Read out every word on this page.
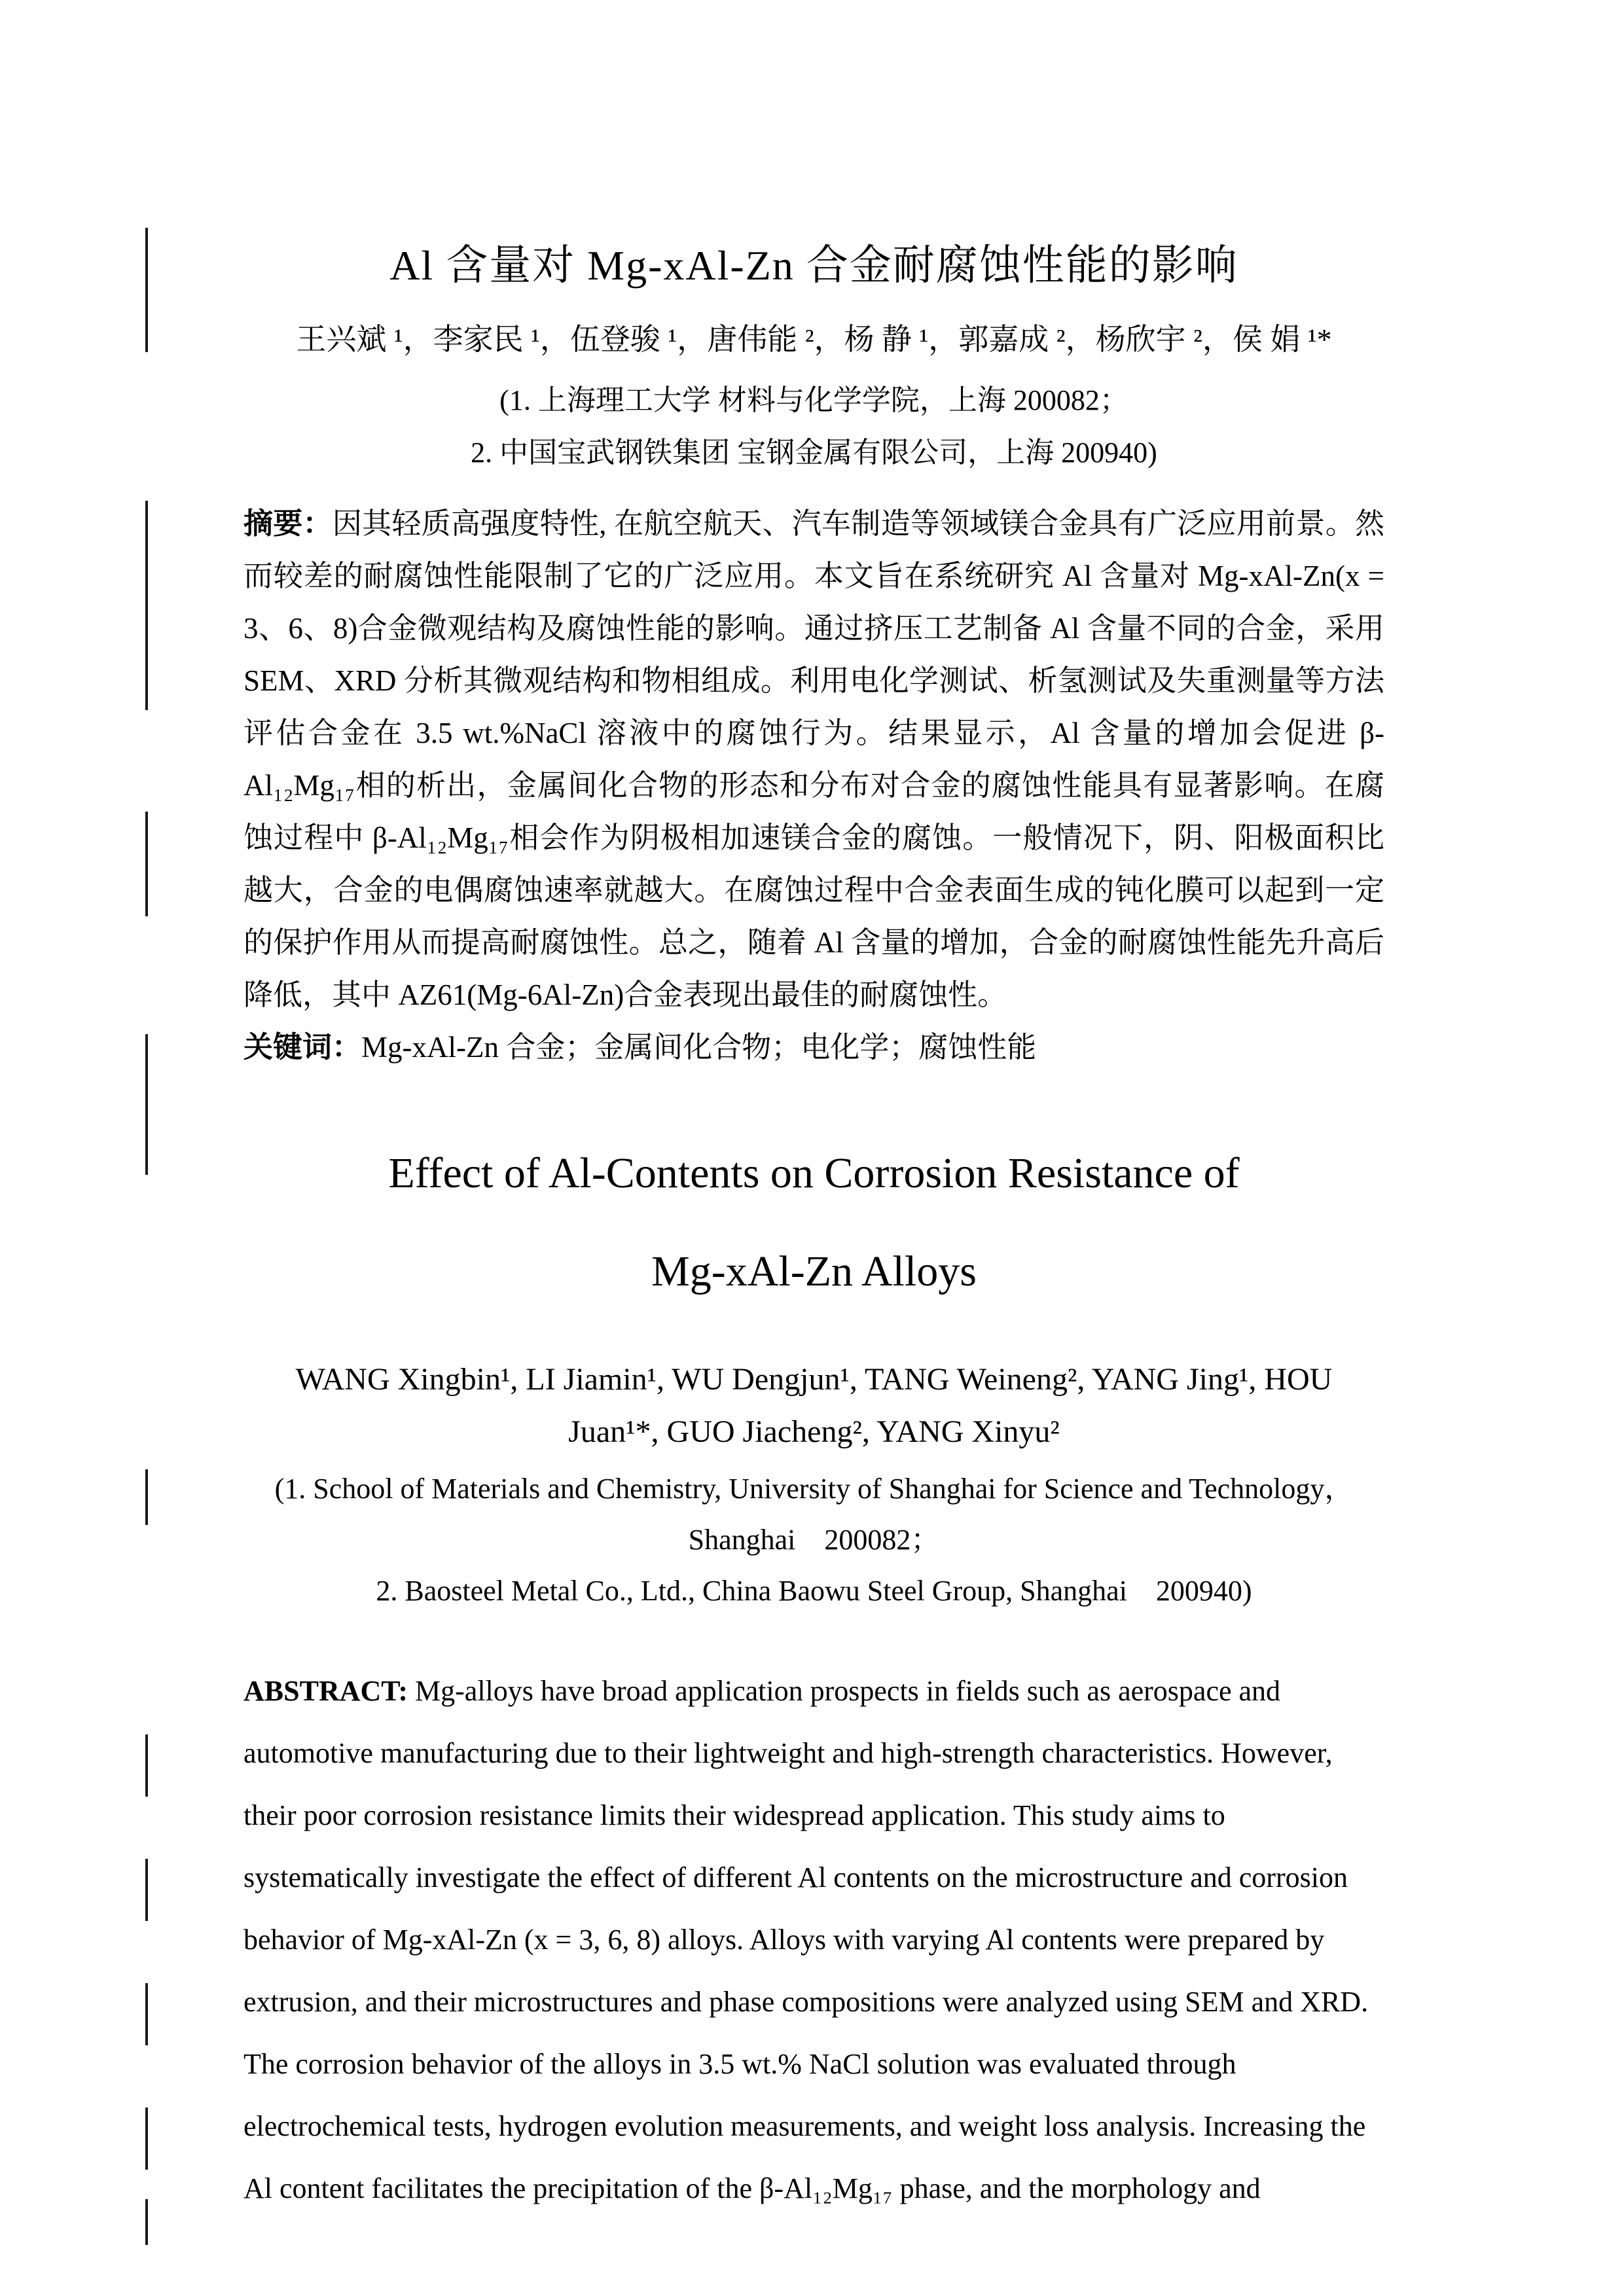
Al 含量对 Mg-xAl-Zn 合金耐腐蚀性能的影响

王兴斌 ¹，李家民 ¹，伍登骏 ¹，唐伟能 ²，杨 静 ¹，郭嘉成 ²，杨欣宇 ²，侯 娟 ¹*

(1. 上海理工大学 材料与化学学院，上海 200082；

2. 中国宝武钢铁集团 宝钢金属有限公司，上海 200940)

摘要：因其轻质高强度特性, 在航空航天、汽车制造等领域镁合金具有广泛应用前景。然而较差的耐腐蚀性能限制了它的广泛应用。本文旨在系统研究 Al 含量对 Mg-xAl-Zn(x = 3、6、8)合金微观结构及腐蚀性能的影响。通过挤压工艺制备 Al 含量不同的合金，采用 SEM、XRD 分析其微观结构和物相组成。利用电化学测试、析氢测试及失重测量等方法评估合金在 3.5 wt.%NaCl 溶液中的腐蚀行为。结果显示，Al 含量的增加会促进 β-Al₁₂Mg₁₇相的析出，金属间化合物的形态和分布对合金的腐蚀性能具有显著影响。在腐蚀过程中 β-Al₁₂Mg₁₇相会作为阴极相加速镁合金的腐蚀。一般情况下，阴、阳极面积比越大，合金的电偶腐蚀速率就越大。在腐蚀过程中合金表面生成的钝化膜可以起到一定的保护作用从而提高耐腐蚀性。总之，随着 Al 含量的增加，合金的耐腐蚀性能先升高后降低，其中 AZ61(Mg-6Al-Zn)合金表现出最佳的耐腐蚀性。

关键词：Mg-xAl-Zn 合金；金属间化合物；电化学；腐蚀性能

Effect of Al-Contents on Corrosion Resistance of
Mg-xAl-Zn Alloys
WANG Xingbin¹, LI Jiamin¹, WU Dengjun¹, TANG Weineng², YANG Jing¹, HOU
Juan¹*, GUO Jiacheng², YANG Xinyu²

(1. School of Materials and Chemistry, University of Shanghai for Science and Technology，

Shanghai　200082；

2. Baosteel Metal Co., Ltd., China Baowu Steel Group, Shanghai　200940)

ABSTRACT: Mg-alloys have broad application prospects in fields such as aerospace and automotive manufacturing due to their lightweight and high-strength characteristics. However, their poor corrosion resistance limits their widespread application. This study aims to systematically investigate the effect of different Al contents on the microstructure and corrosion behavior of Mg-xAl-Zn (x = 3, 6, 8) alloys. Alloys with varying Al contents were prepared by extrusion, and their microstructures and phase compositions were analyzed using SEM and XRD. The corrosion behavior of the alloys in 3.5 wt.% NaCl solution was evaluated through electrochemical tests, hydrogen evolution measurements, and weight loss analysis. Increasing the Al content facilitates the precipitation of the β-Al₁₂Mg₁₇ phase, and the morphology and
